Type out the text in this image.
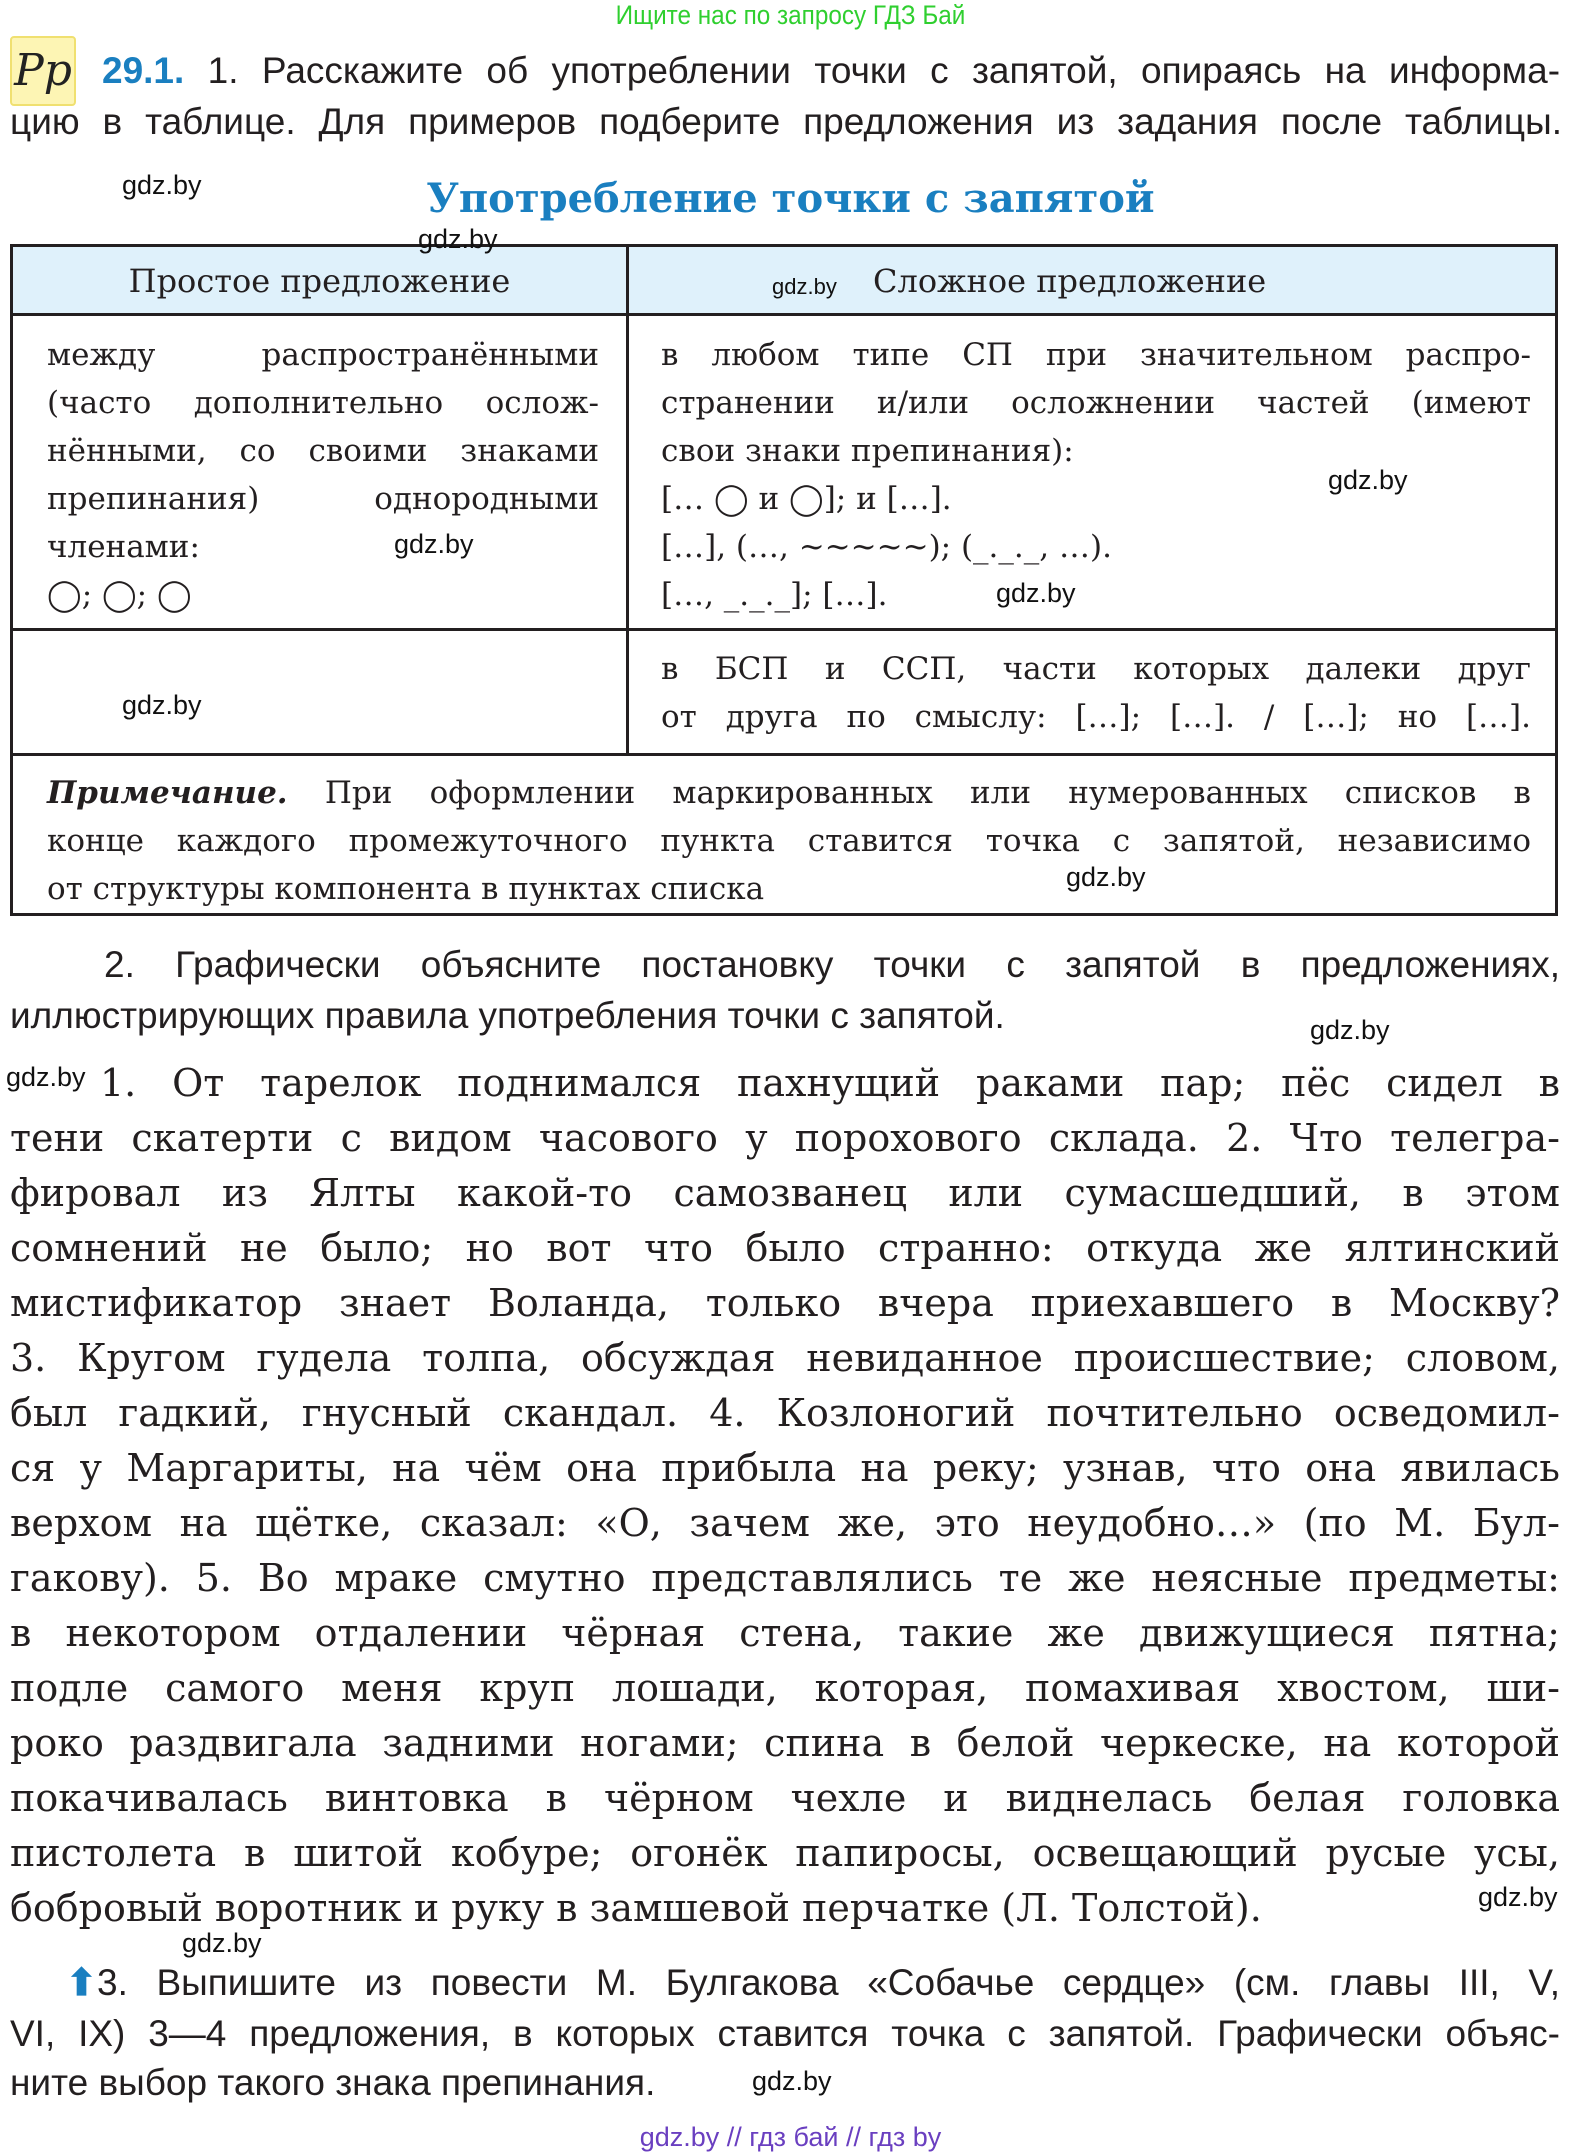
Ищите нас по запросу ГДЗ Бай
Pp 29.1. 1. Расскажите об употреблении точки с запятой, опираясь на информа-
цию в таблице. Для примеров подберите предложения из задания после таблицы.
Употребление точки с запятой
Простое предложение	Сложное предложение
между распространёнными
(часто дополнительно ослож-
нёнными, со своими знаками
препинания) однородными
членами:
◯; ◯; ◯
в любом типе СП при значительном распро-
странении и/или осложнении частей (имеют
свои знаки препинания):
[… ◯ и ◯]; и […].
[…], (…, ~~~~~); (_._._, …).
[…, _._._]; […].
в БСП и ССП, части которых далеки друг
от друга по смыслу: […]; […]. / […]; но […].
Примечание. При оформлении маркированных или нумерованных списков в
конце каждого промежуточного пункта ставится точка с запятой, независимо
от структуры компонента в пунктах списка
2. Графически объясните постановку точки с запятой в предложениях,
иллюстрирующих правила употребления точки с запятой.
1. От тарелок поднимался пахнущий раками пар; пёс сидел в
тени скатерти с видом часового у порохового склада. 2. Что телегра-
фировал из Ялты какой-то самозванец или сумасшедший, в этом
сомнений не было; но вот что было странно: откуда же ялтинский
мистификатор знает Воланда, только вчера приехавшего в Москву?
3. Кругом гудела толпа, обсуждая невиданное происшествие; словом,
был гадкий, гнусный скандал. 4. Козлоногий почтительно осведомил-
ся у Маргариты, на чём она прибыла на реку; узнав, что она явилась
верхом на щётке, сказал: «О, зачем же, это неудобно…» (по М. Бул-
гакову). 5. Во мраке смутно представлялись те же неясные предметы:
в некотором отдалении чёрная стена, такие же движущиеся пятна;
подле самого меня круп лошади, которая, помахивая хвостом, ши-
роко раздвигала задними ногами; спина в белой черкеске, на которой
покачивалась винтовка в чёрном чехле и виднелась белая головка
пистолета в шитой кобуре; огонёк папиросы, освещающий русые усы,
бобровый воротник и руку в замшевой перчатке (Л. Толстой).
⬆3. Выпишите из повести М. Булгакова «Собачье сердце» (см. главы III, V,
VI, IX) 3—4 предложения, в которых ставится точка с запятой. Графически объяс-
ните выбор такого знака препинания.
gdz.by
gdz.by
gdz.by
gdz.by
gdz.by
gdz.by
gdz.by
gdz.by
gdz.by
gdz.by
gdz.by
gdz.by
gdz.by
gdz.by // гдз бай // гдз by
